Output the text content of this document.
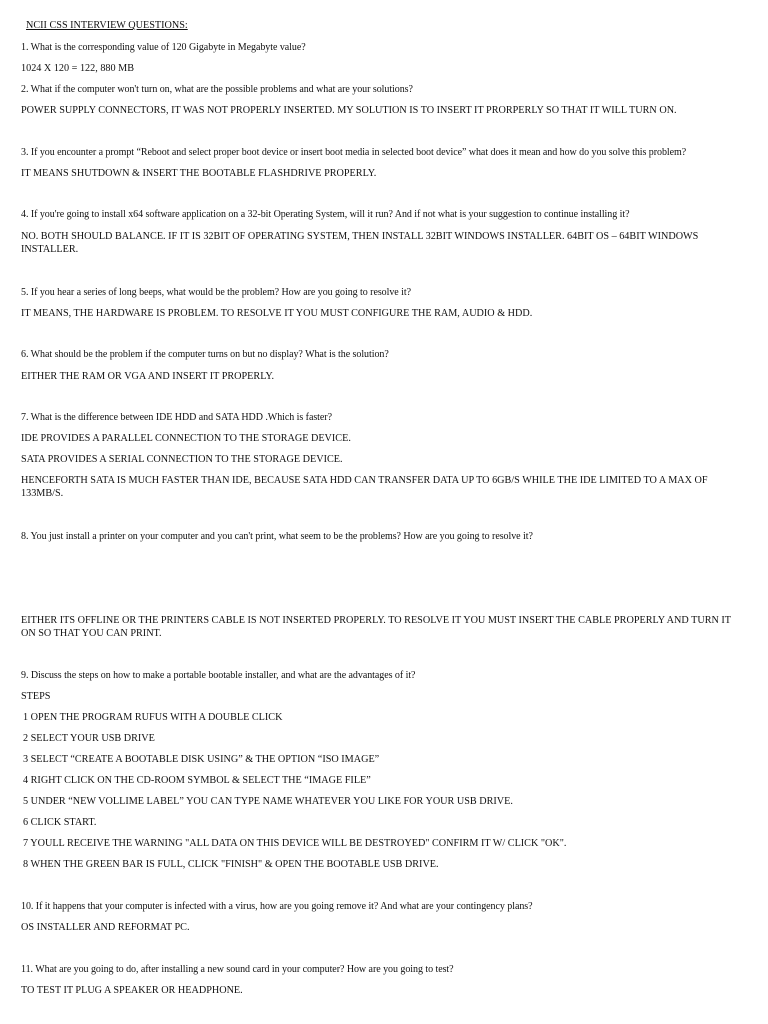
NCII CSS INTERVIEW QUESTIONS:
1. What is the corresponding value of 120 Gigabyte in Megabyte value?
1024 X 120 = 122, 880 MB
2. What if the computer won't turn on, what are the possible problems and what are your solutions?
POWER SUPPLY CONNECTORS, IT WAS NOT PROPERLY INSERTED. MY SOLUTION IS TO INSERT IT PRORPERLY SO THAT IT WILL TURN ON.
3. If you encounter a prompt “Reboot and select proper boot device or insert boot media in selected boot device” what does it mean and how do you solve this problem?
IT MEANS SHUTDOWN & INSERT THE BOOTABLE FLASHDRIVE PROPERLY.
4. If you're going to install x64 software application on a 32-bit Operating System, will it run? And if not what is your suggestion to continue installing it?
NO. BOTH SHOULD BALANCE. IF IT IS 32BIT OF OPERATING SYSTEM, THEN INSTALL 32BIT WINDOWS INSTALLER. 64BIT OS – 64BIT WINDOWS INSTALLER.
5. If you hear a series of long beeps, what would be the problem? How are you going to resolve it?
IT MEANS, THE HARDWARE IS PROBLEM. TO RESOLVE IT YOU MUST CONFIGURE THE RAM, AUDIO & HDD.
6. What should be the problem if the computer turns on but no display? What is the solution?
EITHER THE RAM OR VGA AND INSERT IT PROPERLY.
7. What is the difference between IDE HDD and SATA HDD .Which is faster?
IDE PROVIDES A PARALLEL CONNECTION TO THE STORAGE DEVICE.
SATA PROVIDES A SERIAL CONNECTION TO THE STORAGE DEVICE.
HENCEFORTH SATA IS MUCH FASTER THAN IDE, BECAUSE SATA HDD CAN TRANSFER DATA UP TO 6GB/S WHILE THE IDE LIMITED TO A MAX OF 133MB/S.
8. You just install a printer on your computer and you can't print, what seem to be the problems? How are you going to resolve it?
EITHER ITS OFFLINE OR THE PRINTERS CABLE IS NOT INSERTED PROPERLY. TO RESOLVE IT YOU MUST INSERT THE CABLE PROPERLY AND TURN IT ON SO THAT YOU CAN PRINT.
9. Discuss the steps on how to make a portable bootable installer, and what are the advantages of it?
STEPS
1 OPEN THE PROGRAM RUFUS WITH A DOUBLE CLICK
2 SELECT YOUR USB DRIVE
3 SELECT “CREATE A BOOTABLE DISK USING” & THE OPTION “ISO IMAGE”
4 RIGHT CLICK ON THE CD-ROOM SYMBOL & SELECT THE “IMAGE FILE”
5 UNDER “NEW VOLLIME LABEL” YOU CAN TYPE NAME WHATEVER YOU LIKE FOR YOUR USB DRIVE.
6 CLICK START.
7 YOULL RECEIVE THE WARNING "ALL DATA ON THIS DEVICE WILL BE DESTROYED" CONFIRM IT W/ CLICK "OK".
8 WHEN THE GREEN BAR IS FULL, CLICK "FINISH" & OPEN THE BOOTABLE USB DRIVE.
10. If it happens that your computer is infected with a virus, how are you going remove it? And what are your contingency plans?
OS INSTALLER AND REFORMAT PC.
11. What are you going to do, after installing a new sound card in your computer? How are you going to test?
TO TEST IT PLUG A SPEAKER OR HEADPHONE.
